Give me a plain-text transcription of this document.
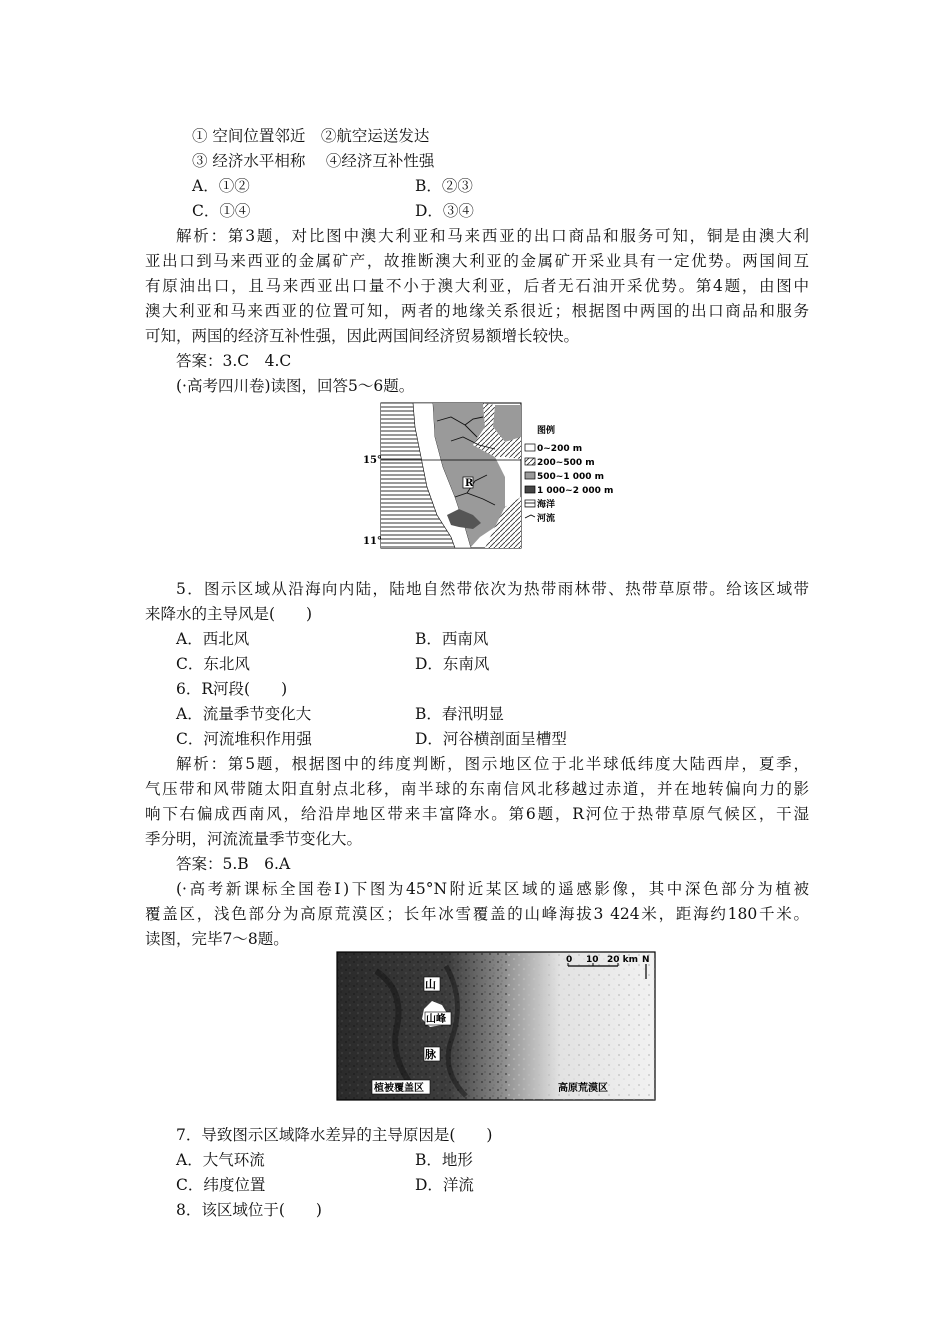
① 空间位置邻近　②航空运送发达
③ 经济水平相称　 ④经济互补性强
A．①②	B．②③
C．①④	D．③④
解析：第3题，对比图中澳大利亚和马来西亚的出口商品和服务可知，铜是由澳大利
亚出口到马来西亚的金属矿产，故推断澳大利亚的金属矿开采业具有一定优势。两国间互
有原油出口，且马来西亚出口量不小于澳大利亚，后者无石油开采优势。第4题，由图中
澳大利亚和马来西亚的位置可知，两者的地缘关系很近；根据图中两国的出口商品和服务
可知，两国的经济互补性强，因此两国间经济贸易额增长较快。
答案：3.C　4.C
(·高考四川卷)读图，回答5～6题。
R
15°
11°
图例
0~200 m
200~500 m
500~1 000 m
1 000~2 000 m
海洋
河流
5．图示区域从沿海向内陆，陆地自然带依次为热带雨林带、热带草原带。给该区域带
来降水的主导风是(　　)
A．西北风	B．西南风
C．东北风	D．东南风
6．R河段(　　)
A．流量季节变化大	B．春汛明显
C．河流堆积作用强	D．河谷横剖面呈槽型
解析：第5题，根据图中的纬度判断，图示地区位于北半球低纬度大陆西岸，夏季，
气压带和风带随太阳直射点北移，南半球的东南信风北移越过赤道，并在地转偏向力的影
响下右偏成西南风，给沿岸地区带来丰富降水。第6题，R河位于热带草原气候区，干湿
季分明，河流流量季节变化大。
答案：5.B　6.A
(·高考新课标全国卷Ⅰ)下图为45°N附近某区域的遥感影像，其中深色部分为植被
覆盖区，浅色部分为高原荒漠区；长年冰雪覆盖的山峰海拔3 424米，距海约180千米。
读图，完毕7～8题。
山
山峰
脉
植被覆盖区	高原荒漠区
0 10 20 km N
7．导致图示区域降水差异的主导原因是(　　)
A．大气环流	B．地形
C．纬度位置	D．洋流
8．该区域位于(　　)
